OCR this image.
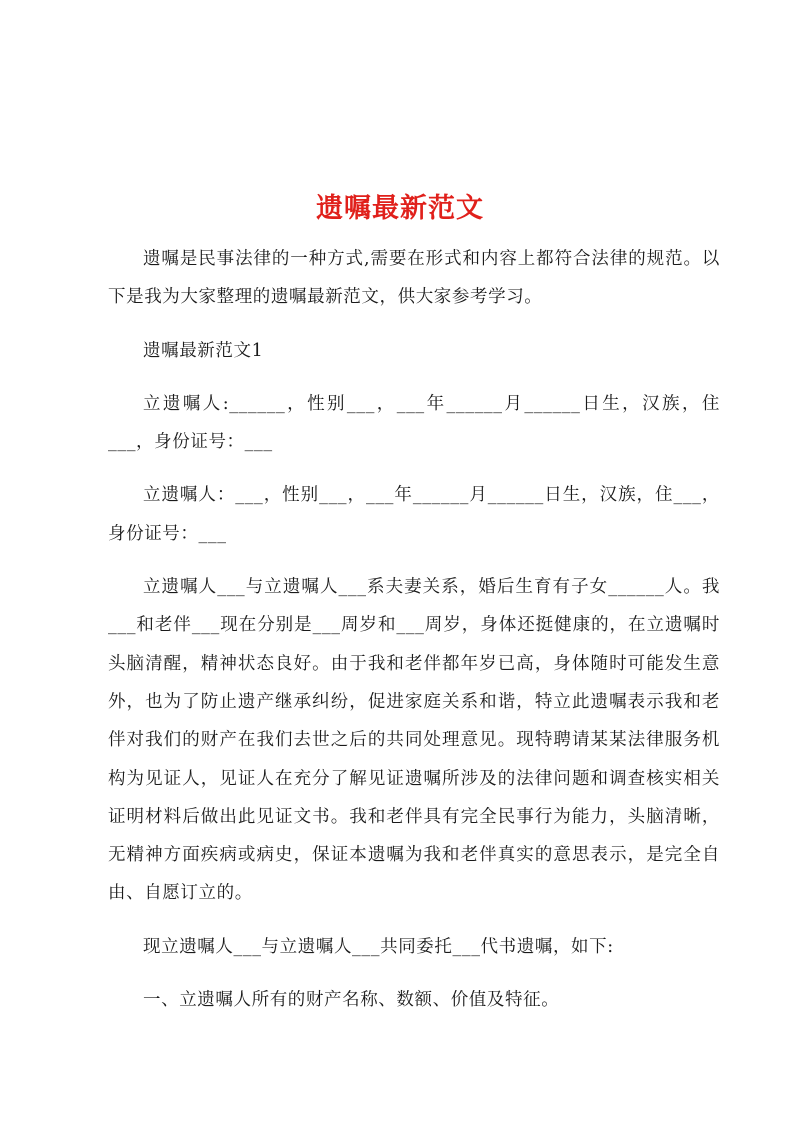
遗嘱最新范文

遗嘱是民事法律的一种方式,需要在形式和内容上都符合法律的规范。以下是我为大家整理的遗嘱最新范文，供大家参考学习。

遗嘱最新范文1

立遗嘱人:______，性别___，___年______月______日生，汉族，住___，身份证号：___

立遗嘱人：___，性别___，___年______月______日生，汉族，住___，身份证号：___

立遗嘱人___与立遗嘱人___系夫妻关系，婚后生育有子女______人。我___和老伴___现在分别是___周岁和___周岁，身体还挺健康的，在立遗嘱时头脑清醒，精神状态良好。由于我和老伴都年岁已高，身体随时可能发生意外，也为了防止遗产继承纠纷，促进家庭关系和谐，特立此遗嘱表示我和老伴对我们的财产在我们去世之后的共同处理意见。现特聘请某某法律服务机构为见证人，见证人在充分了解见证遗嘱所涉及的法律问题和调查核实相关证明材料后做出此见证文书。我和老伴具有完全民事行为能力，头脑清晰，无精神方面疾病或病史，保证本遗嘱为我和老伴真实的意思表示，是完全自由、自愿订立的。

现立遗嘱人___与立遗嘱人___共同委托___代书遗嘱，如下:

一、立遗嘱人所有的财产名称、数额、价值及特征。
